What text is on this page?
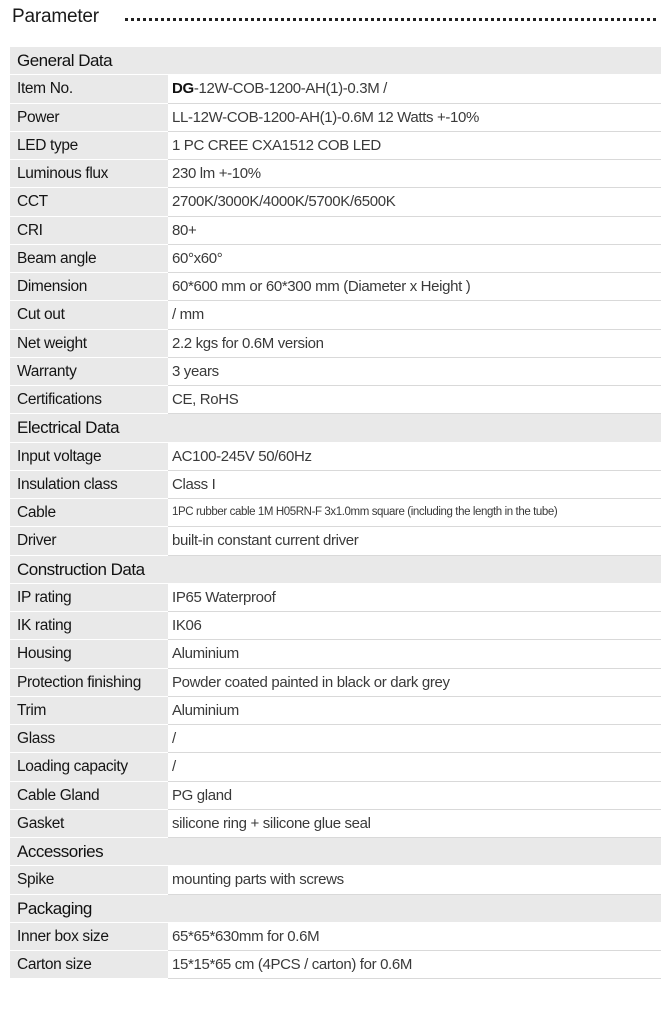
Parameter
General Data	
Item No.	DG-12W-COB-1200-AH(1)-0.3M /
Power	LL-12W-COB-1200-AH(1)-0.6M 12 Watts +-10%
LED type	1 PC CREE CXA1512 COB LED
Luminous flux	230 lm +-10%
CCT	2700K/3000K/4000K/5700K/6500K
CRI	80+
Beam angle	60°x60°
Dimension	60*600 mm or 60*300 mm (Diameter x Height )
Cut out	/ mm
Net weight	2.2 kgs for 0.6M version
Warranty	3 years
Certifications	CE, RoHS
Electrical Data	
Input voltage	AC100-245V 50/60Hz
Insulation class	Class I
Cable	1PC rubber cable 1M H05RN-F 3x1.0mm square (including the length in the tube)
Driver	built-in constant current driver
Construction Data	
IP rating	IP65 Waterproof
IK rating	IK06
Housing	Aluminium
Protection finishing	Powder coated painted in black or dark grey
Trim	Aluminium
Glass	/
Loading capacity	/
Cable Gland	PG gland
Gasket	silicone ring + silicone glue seal
Accessories	
Spike	mounting parts with screws
Packaging	
Inner box size	65*65*630mm for 0.6M
Carton size	15*15*65 cm (4PCS / carton) for 0.6M
